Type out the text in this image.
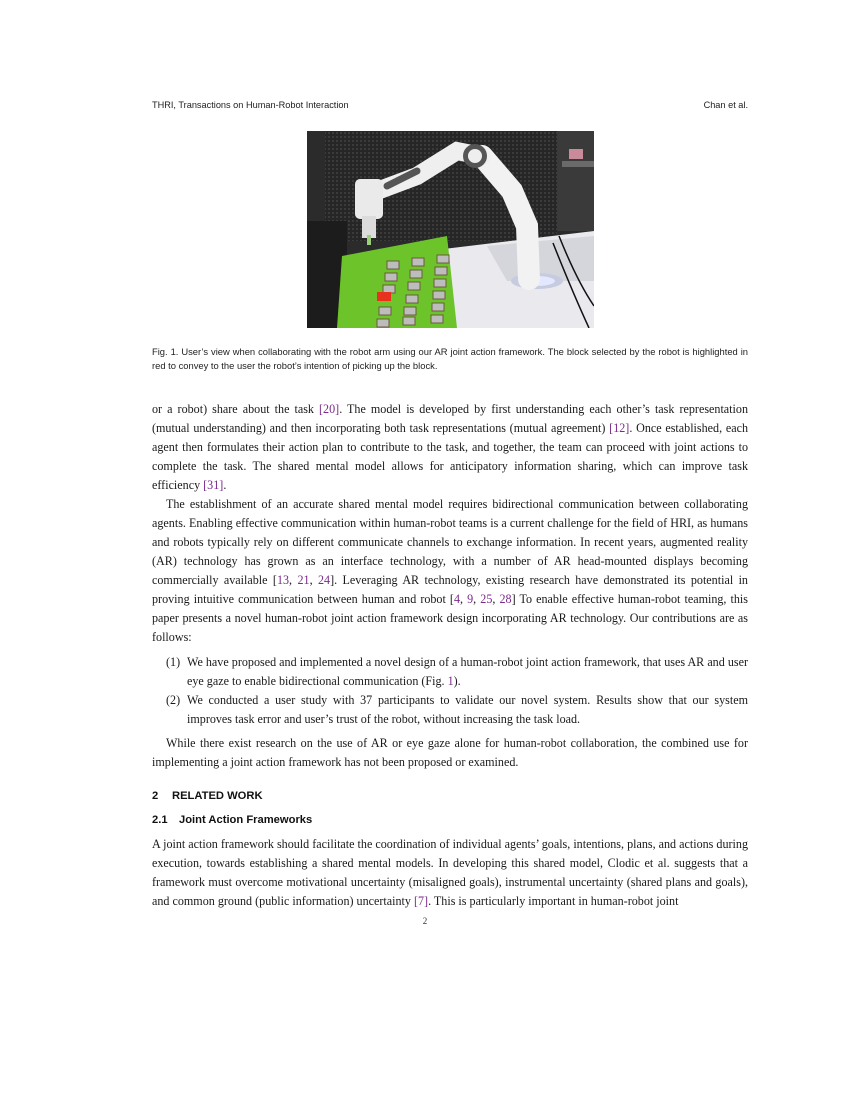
THRI, Transactions on Human-Robot Interaction	Chan et al.
Fig. 1. User’s view when collaborating with the robot arm using our AR joint action framework. The block selected by the robot is highlighted in red to convey to the user the robot’s intention of picking up the block.

or a robot) share about the task [20]. The model is developed by first understanding each other’s task representation (mutual understanding) and then incorporating both task representations (mutual agreement) [12]. Once established, each agent then formulates their action plan to contribute to the task, and together, the team can proceed with joint actions to complete the task. The shared mental model allows for anticipatory information sharing, which can improve task efficiency [31].

The establishment of an accurate shared mental model requires bidirectional communication between collaborating agents. Enabling effective communication within human-robot teams is a current challenge for the field of HRI, as humans and robots typically rely on different communicate channels to exchange information. In recent years, augmented reality (AR) technology has grown as an interface technology, with a number of AR head-mounted displays becoming commercially available [13, 21, 24]. Leveraging AR technology, existing research have demonstrated its potential in proving intuitive communication between human and robot [4, 9, 25, 28] To enable effective human-robot teaming, this paper presents a novel human-robot joint action framework design incorporating AR technology. Our contributions are as follows:

(1) We have proposed and implemented a novel design of a human-robot joint action framework, that uses AR and user eye gaze to enable bidirectional communication (Fig. 1).
(2) We conducted a user study with 37 participants to validate our novel system. Results show that our system improves task error and user’s trust of the robot, without increasing the task load.

While there exist research on the use of AR or eye gaze alone for human-robot collaboration, the combined use for implementing a joint action framework has not been proposed or examined.

2 RELATED WORK
2.1 Joint Action Frameworks

A joint action framework should facilitate the coordination of individual agents’ goals, intentions, plans, and actions during execution, towards establishing a shared mental models. In developing this shared model, Clodic et al. suggests that a framework must overcome motivational uncertainty (misaligned goals), instrumental uncertainty (shared plans and goals), and common ground (public information) uncertainty [7]. This is particularly important in human-robot joint

2
